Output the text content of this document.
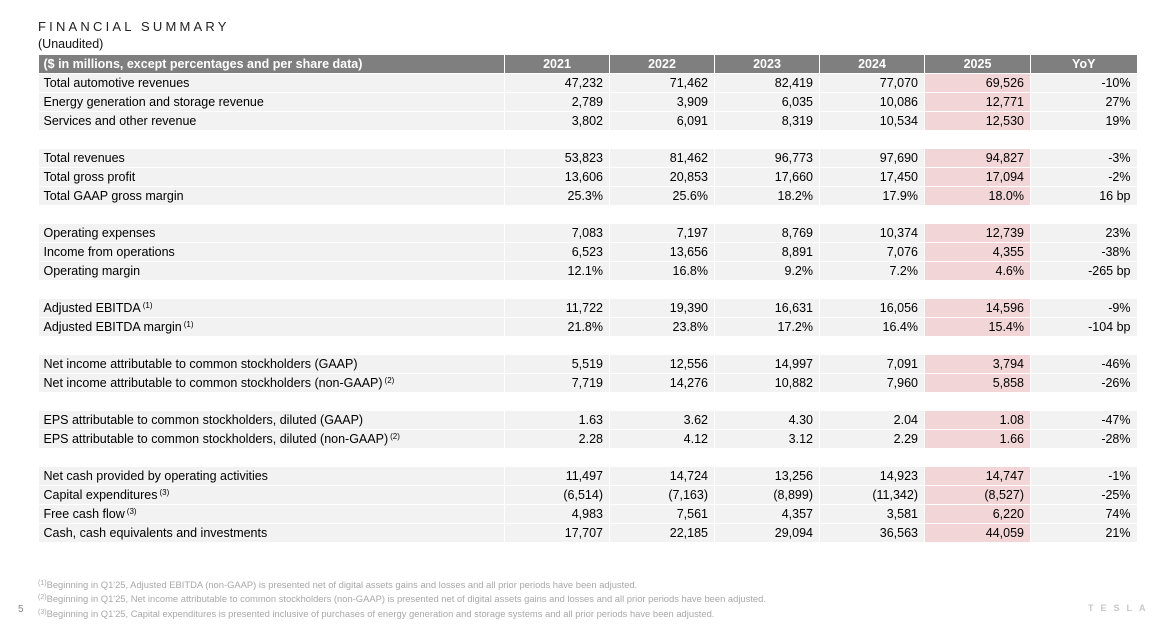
FINANCIAL SUMMARY
(Unaudited)
($ in millions, except percentages and per share data)	2021	2022	2023	2024	2025	YoY
Total automotive revenues	47,232	71,462	82,419	77,070	69,526	-10%
Energy generation and storage revenue	2,789	3,909	6,035	10,086	12,771	27%
Services and other revenue	3,802	6,091	8,319	10,534	12,530	19%

Total revenues	53,823	81,462	96,773	97,690	94,827	-3%
Total gross profit	13,606	20,853	17,660	17,450	17,094	-2%
Total GAAP gross margin	25.3%	25.6%	18.2%	17.9%	18.0%	16 bp

Operating expenses	7,083	7,197	8,769	10,374	12,739	23%
Income from operations	6,523	13,656	8,891	7,076	4,355	-38%
Operating margin	12.1%	16.8%	9.2%	7.2%	4.6%	-265 bp

Adjusted EBITDA $^{(1)}$	11,722	19,390	16,631	16,056	14,596	-9%
Adjusted EBITDA margin $^{(1)}$	21.8%	23.8%	17.2%	16.4%	15.4%	-104 bp

Net income attributable to common stockholders (GAAP)	5,519	12,556	14,997	7,091	3,794	-46%
Net income attributable to common stockholders (non-GAAP) $^{(2)}$	7,719	14,276	10,882	7,960	5,858	-26%

EPS attributable to common stockholders, diluted (GAAP)	1.63	3.62	4.30	2.04	1.08	-47%
EPS attributable to common stockholders, diluted (non-GAAP) $^{(2)}$	2.28	4.12	3.12	2.29	1.66	-28%

Net cash provided by operating activities	11,497	14,724	13,256	14,923	14,747	-1%
Capital expenditures $^{(3)}$	(6,514)	(7,163)	(8,899)	(11,342)	(8,527)	-25%
Free cash flow $^{(3)}$	4,983	7,561	4,357	3,581	6,220	74%
Cash, cash equivalents and investments	17,707	22,185	29,094	36,563	44,059	21%
$^{(1)}$Beginning in Q1'25, Adjusted EBITDA (non-GAAP) is presented net of digital assets gains and losses and all prior periods have been adjusted.
$^{(2)}$Beginning in Q1'25, Net income attributable to common stockholders (non-GAAP) is presented net of digital assets gains and losses and all prior periods have been adjusted.
$^{(3)}$Beginning in Q1'25, Capital expenditures is presented inclusive of purchases of energy generation and storage systems and all prior periods have been adjusted.
5	TESLA
